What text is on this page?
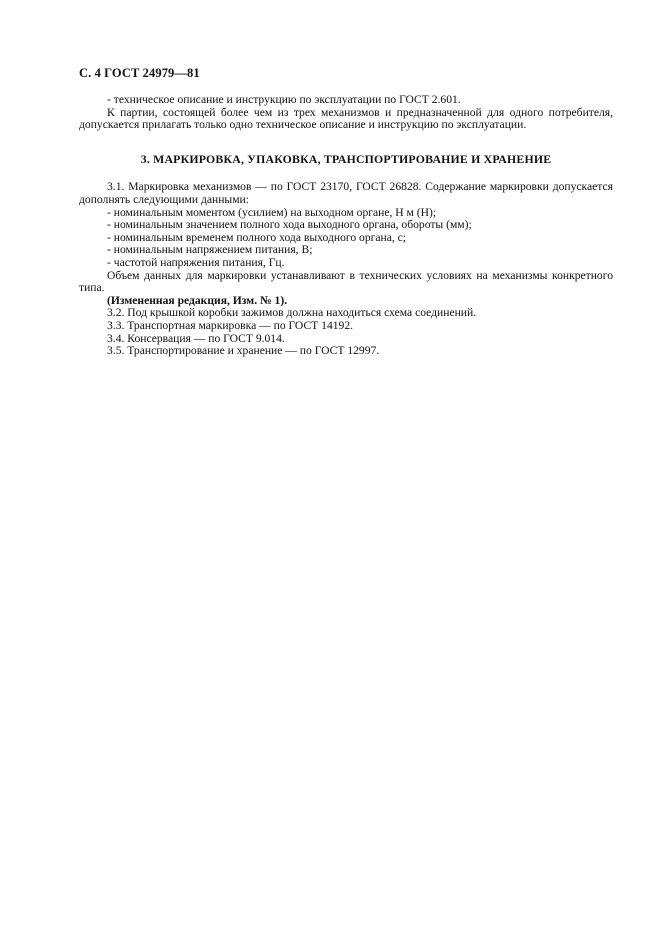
С. 4 ГОСТ 24979—81

- техническое описание и инструкцию по эксплуатации по ГОСТ 2.601.

К партии, состоящей более чем из трех механизмов и предназначенной для одного потребителя, допускается прилагать только одно техническое описание и инструкцию по эксплуатации.

3. МАРКИРОВКА, УПАКОВКА, ТРАНСПОРТИРОВАНИЕ И ХРАНЕНИЕ

3.1. Маркировка механизмов — по ГОСТ 23170, ГОСТ 26828. Содержание маркировки допускается дополнять следующими данными:

- номинальным моментом (усилием) на выходном органе, Н м (Н);

- номинальным значением полного хода выходного органа, обороты (мм);

- номинальным временем полного хода выходного органа, с;

- номинальным напряжением питания, В;

- частотой напряжения питания, Гц.

Объем данных для маркировки устанавливают в технических условиях на механизмы конкретного типа.

(Измененная редакция, Изм. № 1).

3.2. Под крышкой коробки зажимов должна находиться схема соединений.

3.3. Транспортная маркировка — по ГОСТ 14192.

3.4. Консервация — по ГОСТ 9.014.

3.5. Транспортирование и хранение — по ГОСТ 12997.
